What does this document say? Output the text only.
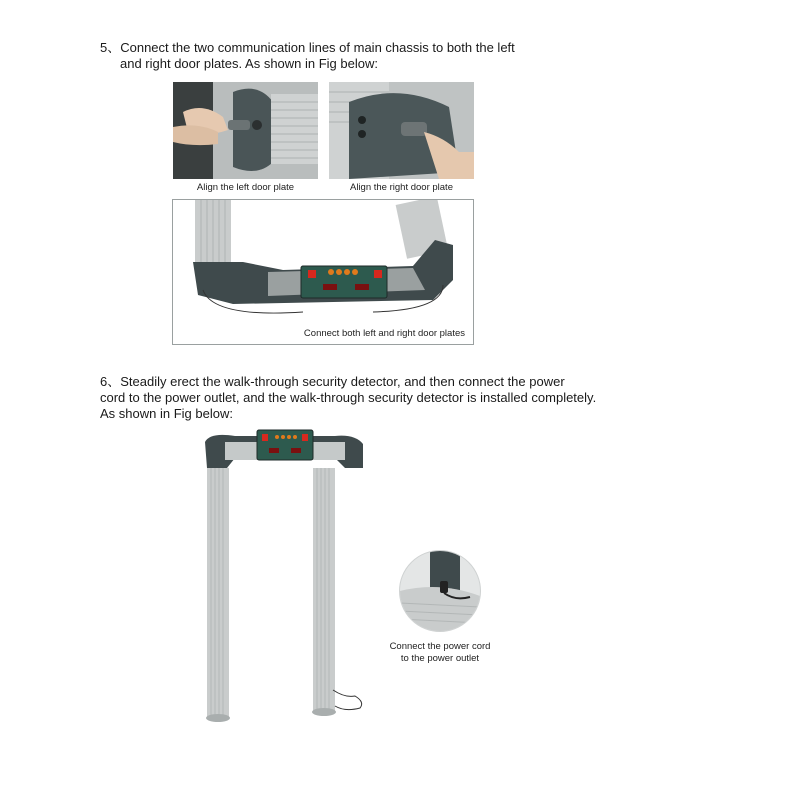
5、Connect the two communication lines of main chassis to both the left
and right door plates. As shown in Fig below:
Align the left door plate	Align the right door plate
Connect both left and right door plates
6、Steadily erect the walk-through security detector, and then connect the power
cord to the power outlet, and the walk-through security detector is installed completely.
As shown in Fig below:
Connect the power cord
to the power outlet
